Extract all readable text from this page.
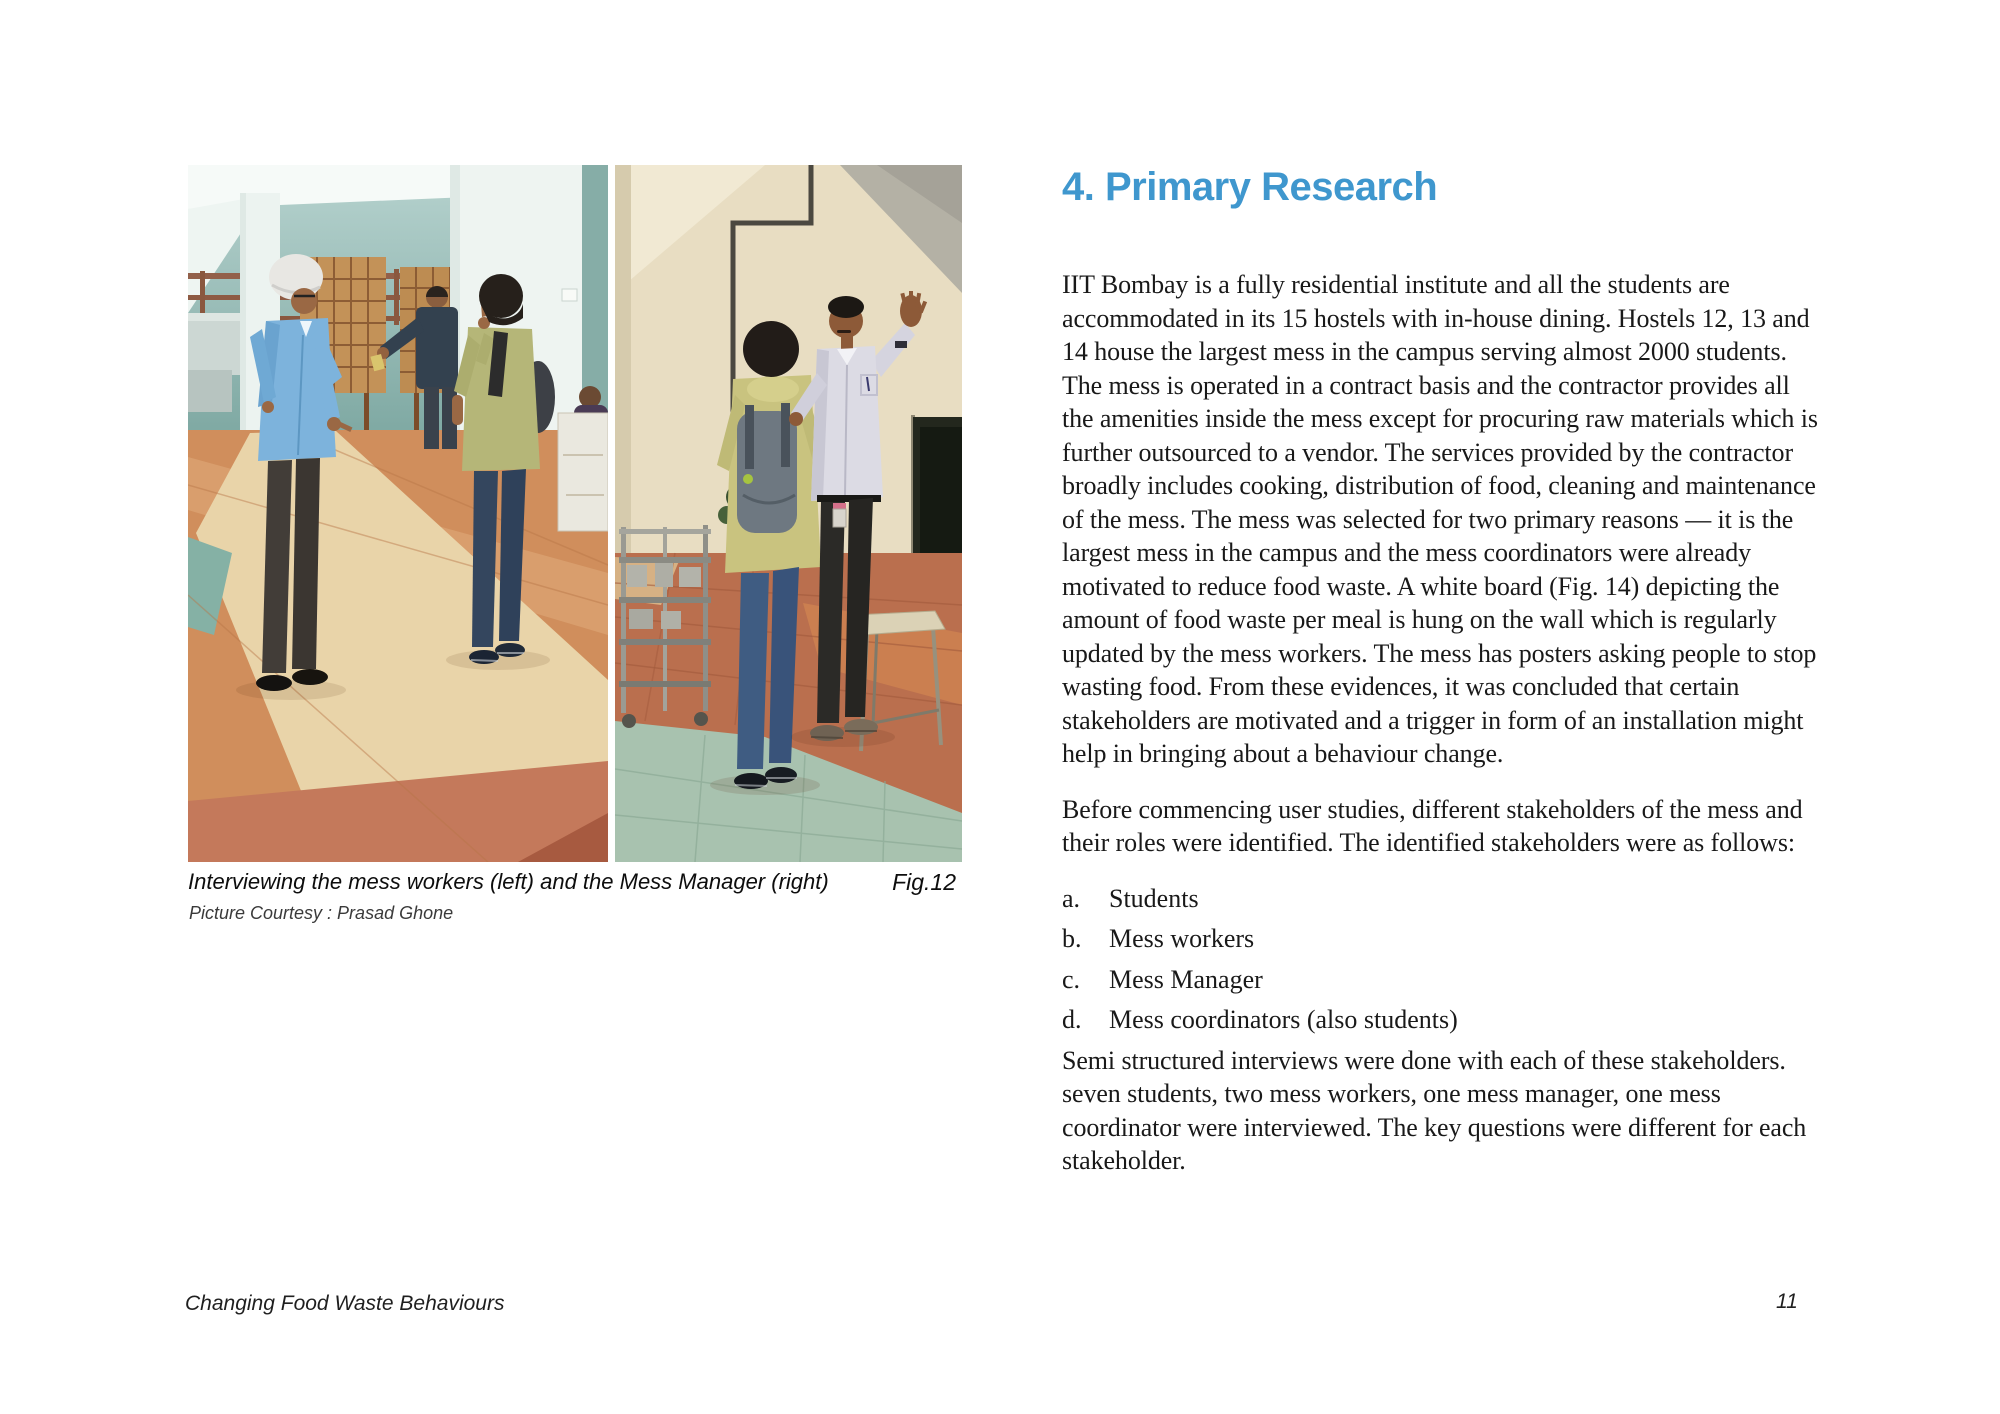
Interviewing the mess workers (left) and the Mess Manager (right)	Fig.12
Picture Courtesy : Prasad Ghone
4. Primary Research

IIT Bombay is a fully residential institute and all the students are accommodated in its 15 hostels with in-house dining. Hostels 12, 13 and 14 house the largest mess in the campus serving almost 2000 students. The mess is operated in a contract basis and the contractor provides all the amenities inside the mess except for procuring raw materials which is further outsourced to a vendor. The services provided by the contractor broadly includes cooking, distribution of food, cleaning and maintenance of the mess. The mess was selected for two primary reasons — it is the largest mess in the campus and the mess coordinators were already motivated to reduce food waste. A white board (Fig. 14) depicting the amount of food waste per meal is hung on the wall which is regularly updated by the mess workers. The mess has posters asking people to stop wasting food. From these evidences, it was concluded that certain stakeholders are motivated and a trigger in form of an installation might help in bringing about a behaviour change.

Before commencing user studies, different stakeholders of the mess and their roles were identified. The identified stakeholders were as follows:

a.	Students
b.	Mess workers
c.	Mess Manager
d.	Mess coordinators (also students)

Semi structured interviews were done with each of these stakeholders. seven students, two mess workers, one mess manager, one mess coordinator were interviewed. The key questions were different for each stakeholder.

Changing Food Waste Behaviours	11
